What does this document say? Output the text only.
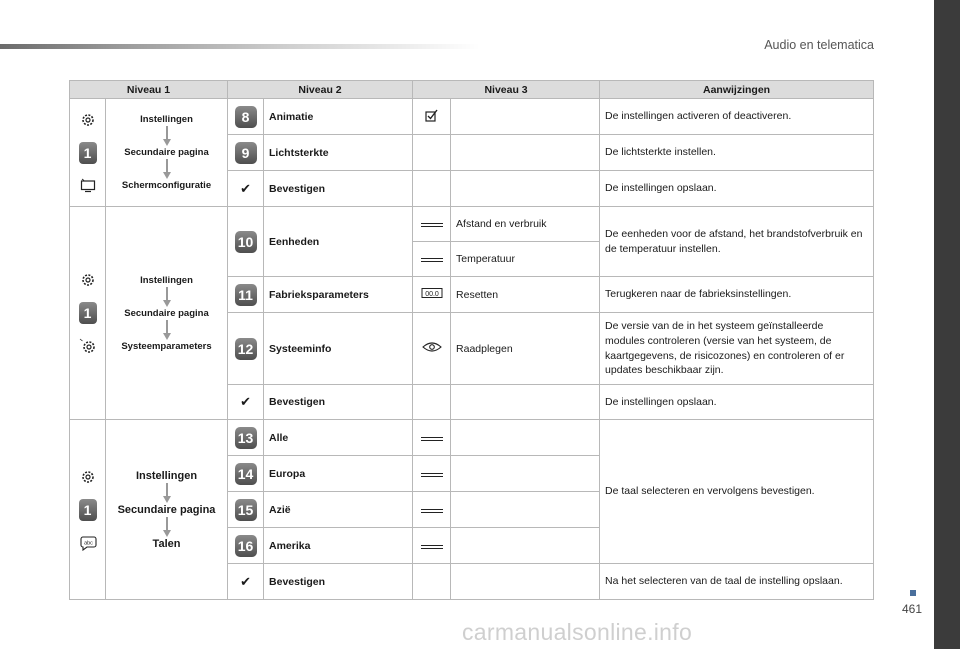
Audio en telematica
461
carmanualsonline.info
Niveau 1		Niveau 2		Niveau 3		Aanwijzingen

1	Instellingen
Secundaire pagina
Schermconfiguratie	8	Animatie			De instellingen activeren of deactiveren.
		9	Lichtsterkte			De lichtsterkte instellen.
		✔	Bevestigen			De instellingen opslaan.

1	Instellingen
Secundaire pagina
Systeemparameters	10	Eenheden		Afstand en verbruik	De eenheden voor de afstand, het brandstofverbruik en de temperatuur instellen.
					Temperatuur	
		11	Fabrieksparameters	00.0	Resetten	Terugkeren naar de fabrieksinstellingen.
		12	Systeeminfo		Raadplegen	De versie van de in het systeem geïnstalleerde modules controleren (versie van het systeem, de kaartgegevens, de risicozones) en controleren of er updates beschikbaar zijn.
		✔	Bevestigen			De instellingen opslaan.

1
abc	Instellingen
Secundaire pagina
Talen	13	Alle			De taal selecteren en vervolgens bevestigen.
		14	Europa			
		15	Azië			
		16	Amerika			
		✔	Bevestigen			Na het selecteren van de taal de instelling opslaan.
